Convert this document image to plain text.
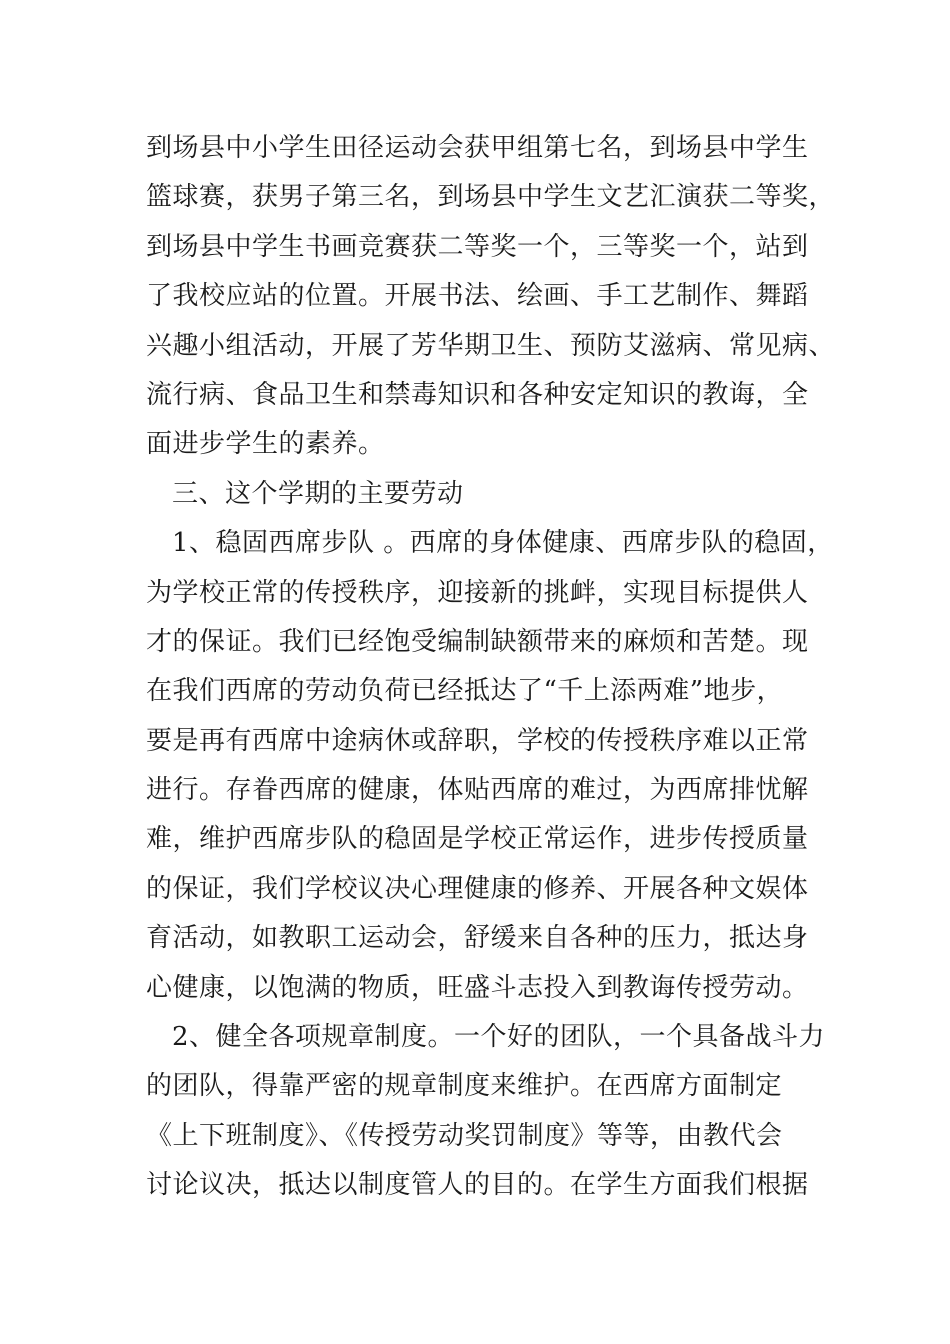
到场县中小学生田径运动会获甲组第七名，到场县中学生
篮球赛，获男子第三名，到场县中学生文艺汇演获二等奖，
到场县中学生书画竞赛获二等奖一个，三等奖一个，站到
了我校应站的位置。开展书法、绘画、手工艺制作、舞蹈
兴趣小组活动，开展了芳华期卫生、预防艾滋病、常见病、
流行病、食品卫生和禁毒知识和各种安定知识的教诲，全
面进步学生的素养。
三、这个学期的主要劳动
1、稳固西席步队 。西席的身体健康、西席步队的稳固，
为学校正常的传授秩序，迎接新的挑衅，实现目标提供人
才的保证。我们已经饱受编制缺额带来的麻烦和苦楚。现
在我们西席的劳动负荷已经抵达了“千上添两难”地步，
要是再有西席中途病休或辞职，学校的传授秩序难以正常
进行。存眷西席的健康，体贴西席的难过，为西席排忧解
难，维护西席步队的稳固是学校正常运作，进步传授质量
的保证，我们学校议决心理健康的修养、开展各种文娱体
育活动，如教职工运动会，舒缓来自各种的压力，抵达身
心健康，以饱满的物质，旺盛斗志投入到教诲传授劳动。
2、健全各项规章制度。一个好的团队，一个具备战斗力
的团队，得靠严密的规章制度来维护。在西席方面制定
《上下班制度》、《传授劳动奖罚制度》等等，由教代会
讨论议决，抵达以制度管人的目的。在学生方面我们根据
